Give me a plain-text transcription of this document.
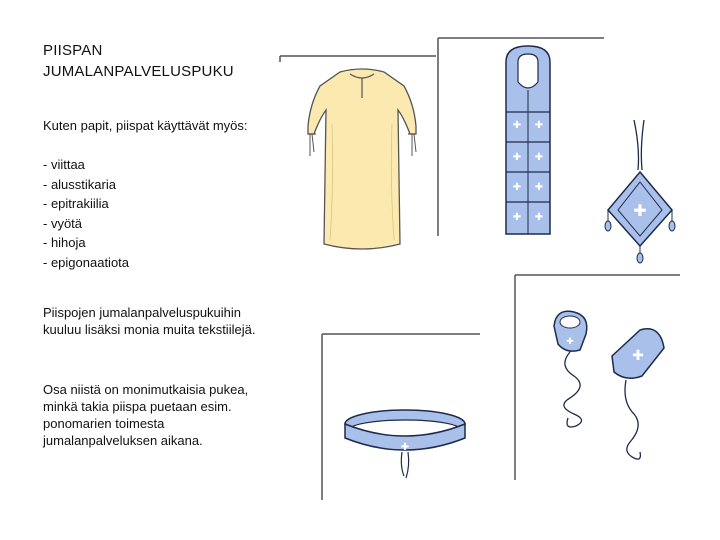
PIISPAN
JUMALANPALVELUSPUKU
Kuten papit, piispat käyttävät myös:
- viittaa
- alusstikaria
- epitrakiilia
- vyötä
- hihoja
- epigonaatiota
Piispojen jumalanpalveluspukuihin kuuluu lisäksi monia muita tekstiilejä.
Osa niistä on monimutkaisia pukea, minkä takia piispa puetaan esim. ponomarien toimesta jumalanpalveluksen aikana.
✚ ✚
✚ ✚
✚ ✚
✚ ✚	✚
✚
✚
✚
